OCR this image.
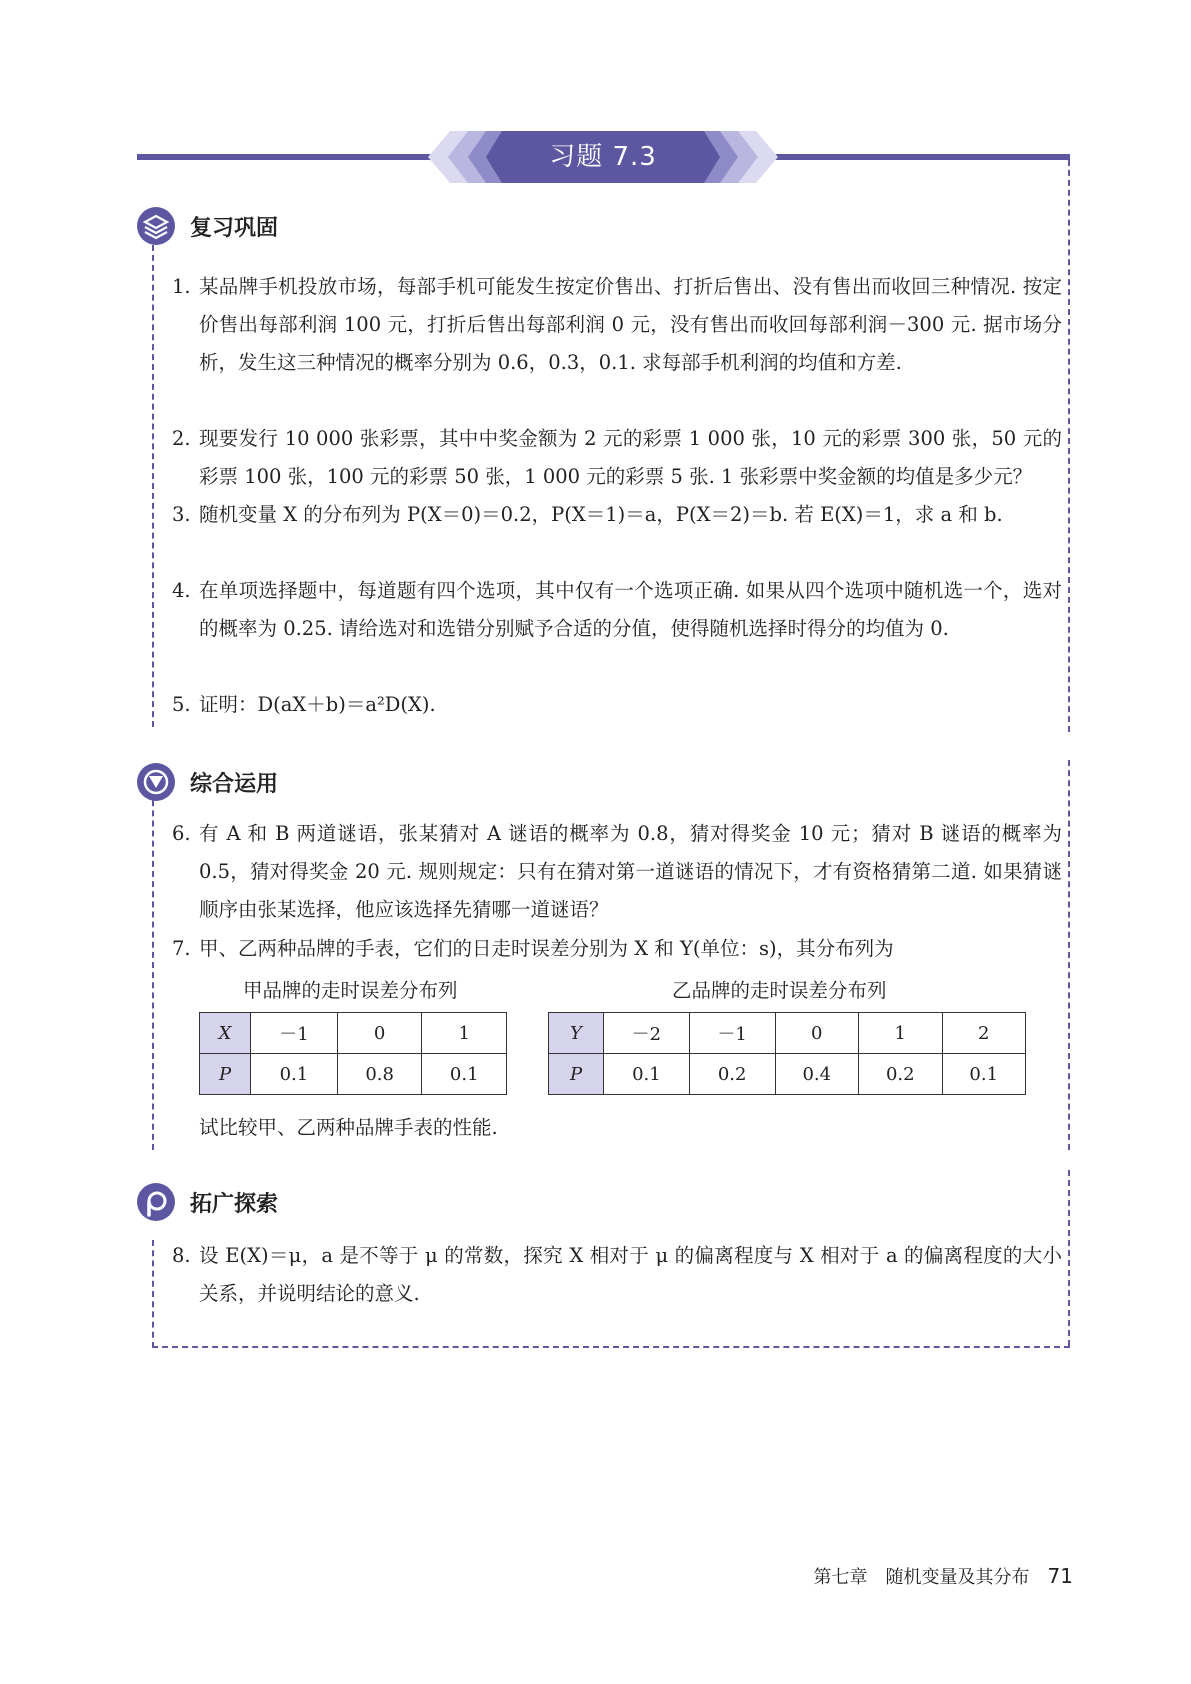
习题 7.3
复习巩固
1. 某品牌手机投放市场，每部手机可能发生按定价售出、打折后售出、没有售出而收回三种情况. 按定价售出每部利润 100 元，打折后售出每部利润 0 元，没有售出而收回每部利润－300 元. 据市场分析，发生这三种情况的概率分别为 0.6，0.3，0.1. 求每部手机利润的均值和方差.
2. 现要发行 10 000 张彩票，其中中奖金额为 2 元的彩票 1 000 张，10 元的彩票 300 张，50 元的彩票 100 张，100 元的彩票 50 张，1 000 元的彩票 5 张. 1 张彩票中奖金额的均值是多少元？
3. 随机变量 X 的分布列为 P(X＝0)＝0.2，P(X＝1)＝a，P(X＝2)＝b. 若 E(X)＝1，求 a 和 b.
4. 在单项选择题中，每道题有四个选项，其中仅有一个选项正确. 如果从四个选项中随机选一个，选对的概率为 0.25. 请给选对和选错分别赋予合适的分值，使得随机选择时得分的均值为 0.
5. 证明：D(aX＋b)＝a²D(X).
综合运用
6. 有 A 和 B 两道谜语，张某猜对 A 谜语的概率为 0.8，猜对得奖金 10 元；猜对 B 谜语的概率为 0.5，猜对得奖金 20 元. 规则规定：只有在猜对第一道谜语的情况下，才有资格猜第二道. 如果猜谜顺序由张某选择，他应该选择先猜哪一道谜语？
7. 甲、乙两种品牌的手表，它们的日走时误差分别为 X 和 Y(单位：s)，其分布列为
甲品牌的走时误差分布列	乙品牌的走时误差分布列
X	－1	0	1
P	0.1	0.8	0.1
Y	－2	－1	0	1	2
P	0.1	0.2	0.4	0.2	0.1
试比较甲、乙两种品牌手表的性能.
拓广探索
8. 设 E(X)＝μ，a 是不等于 μ 的常数，探究 X 相对于 μ 的偏离程度与 X 相对于 a 的偏离程度的大小关系，并说明结论的意义.
第七章　随机变量及其分布 71
